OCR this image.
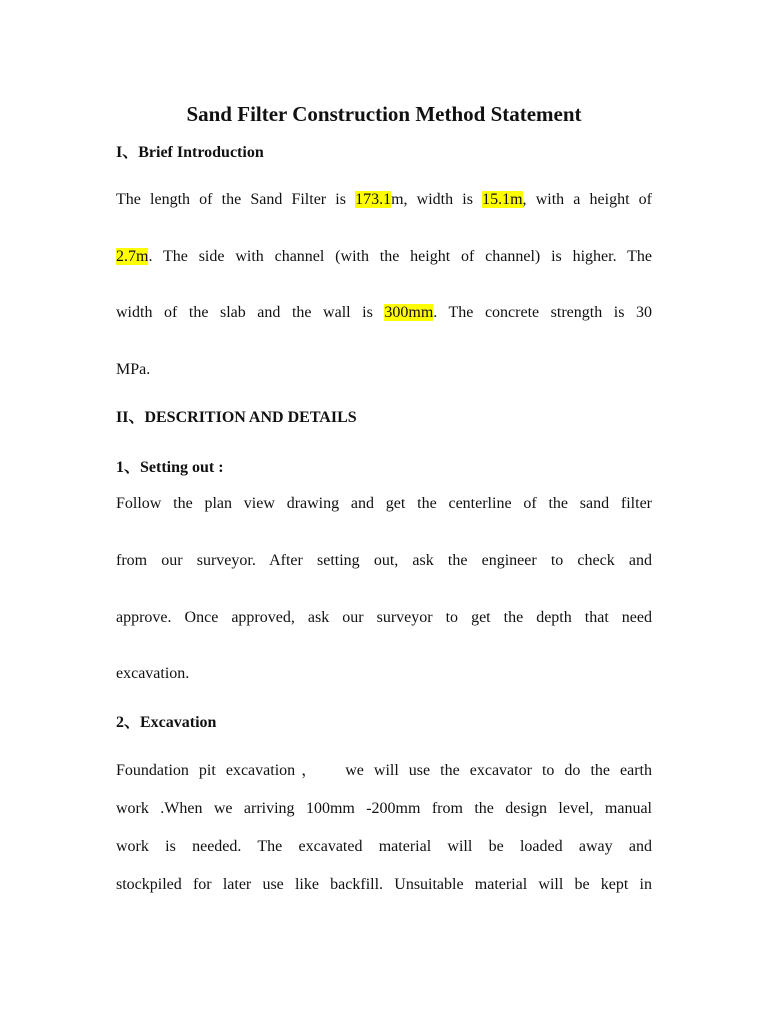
Sand Filter Construction Method Statement
I、Brief Introduction
The length of the Sand Filter is 173.1m, width is 15.1m, with a height of
2.7m. The side with channel (with the height of channel) is higher. The
width of the slab and the wall is 300mm. The concrete strength is 30
MPa.
II、DESCRITION AND DETAILS
1、Setting out :
Follow the plan view drawing and get the centerline of the sand filter
from our surveyor. After setting out, ask the engineer to check and
approve. Once approved, ask our surveyor to get the depth that need
excavation.
2、Excavation
Foundation pit excavation， we will use the excavator to do the earth
work .When we arriving 100mm -200mm from the design level, manual
work is needed. The excavated material will be loaded away and
stockpiled for later use like backfill. Unsuitable material will be kept in
